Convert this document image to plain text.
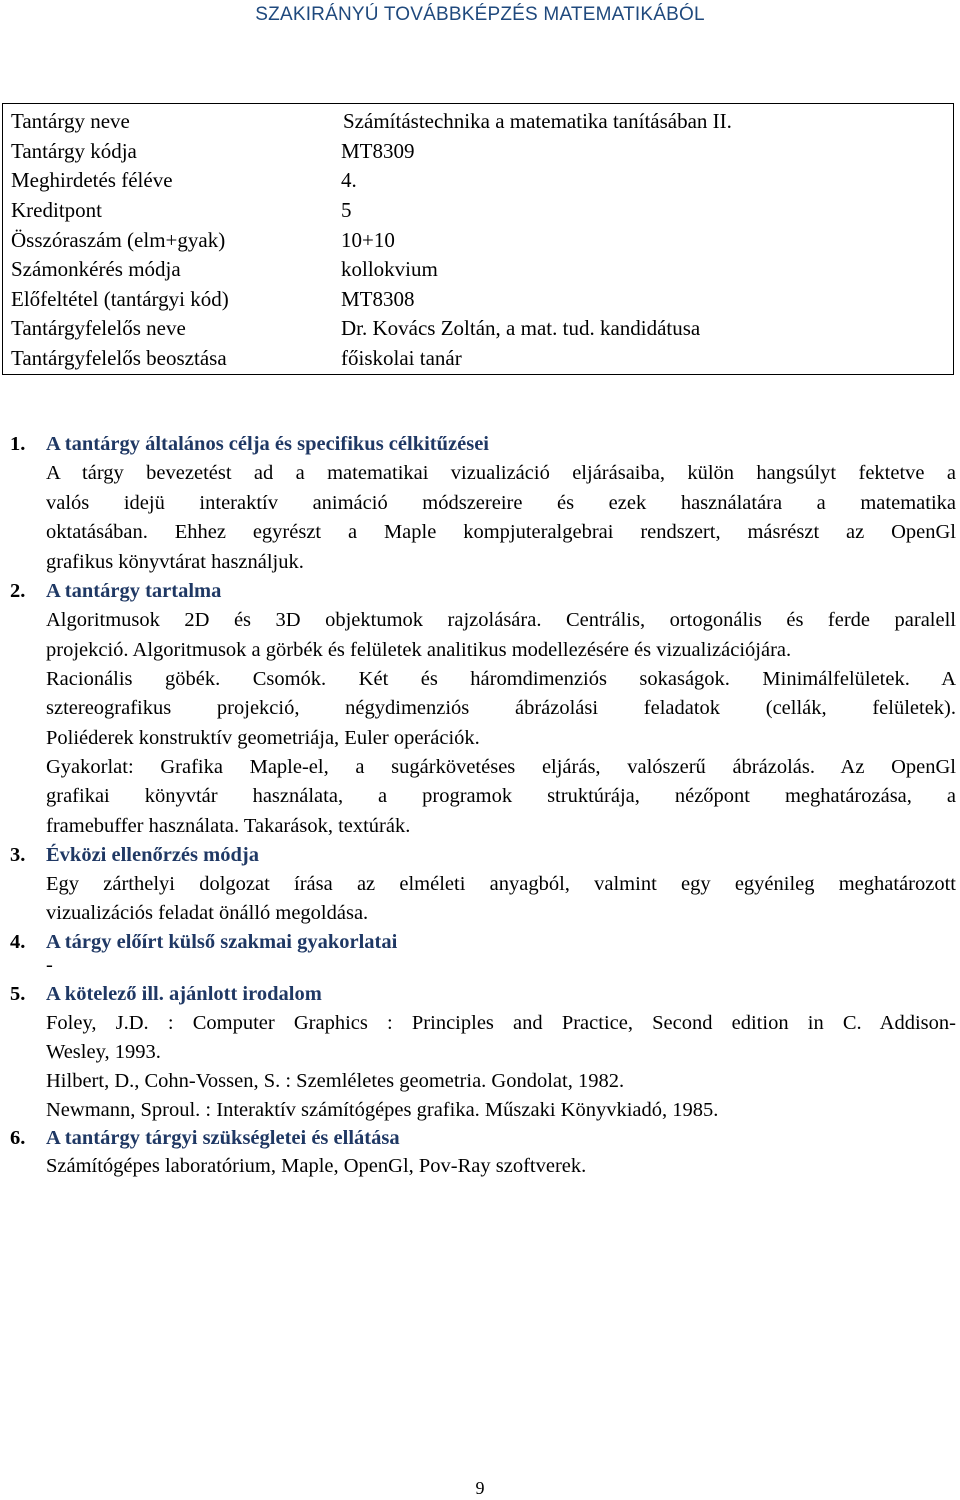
SZAKIRÁNYÚ TOVÁBBKÉPZÉS MATEMATIKÁBÓL
Tantárgy neve	Számítástechnika a matematika tanításában II.
Tantárgy kódja	MT8309
Meghirdetés féléve	4.
Kreditpont	5
Összóraszám (elm+gyak)	10+10
Számonkérés módja	kollokvium
Előfeltétel (tantárgyi kód)	MT8308
Tantárgyfelelős neve	Dr. Kovács Zoltán, a mat. tud. kandidátusa
Tantárgyfelelős beosztása	főiskolai tanár
1. A tantárgy általános célja és specifikus célkitűzései
A tárgy bevezetést ad a matematikai vizualizáció eljárásaiba, külön hangsúlyt fektetve a
valós idejü interaktív animáció módszereire és ezek használatára a matematika
oktatásában. Ehhez egyrészt a Maple kompjuteralgebrai rendszert, másrészt az OpenGl
grafikus könyvtárat használjuk.
2. A tantárgy tartalma
Algoritmusok 2D és 3D objektumok rajzolására. Centrális, ortogonális és ferde paralell
projekció. Algoritmusok a görbék és felületek analitikus modellezésére és vizualizációjára.
Racionális göbék. Csomók. Két és háromdimenziós sokaságok. Minimálfelületek. A
sztereografikus projekció, négydimenziós ábrázolási feladatok (cellák, felületek).
Poliéderek konstruktív geometriája, Euler operációk.
Gyakorlat: Grafika Maple-el, a sugárkövetéses eljárás, valószerű ábrázolás. Az OpenGl
grafikai könyvtár használata, a programok struktúrája, nézőpont meghatározása, a
framebuffer használata. Takarások, textúrák.
3. Évközi ellenőrzés módja
Egy zárthelyi dolgozat írása az elméleti anyagból, valmint egy egyénileg meghatározott
vizualizációs feladat önálló megoldása.
4. A tárgy előírt külső szakmai gyakorlatai
-
5. A kötelező ill. ajánlott irodalom
Foley, J.D. : Computer Graphics : Principles and Practice, Second edition in C. Addison-
Wesley, 1993.
Hilbert, D., Cohn-Vossen, S. : Szemléletes geometria. Gondolat, 1982.
Newmann, Sproul. : Interaktív számítógépes grafika. Műszaki Könyvkiadó, 1985.
6. A tantárgy tárgyi szükségletei és ellátása
Számítógépes laboratórium, Maple, OpenGl, Pov-Ray szoftverek.
9
